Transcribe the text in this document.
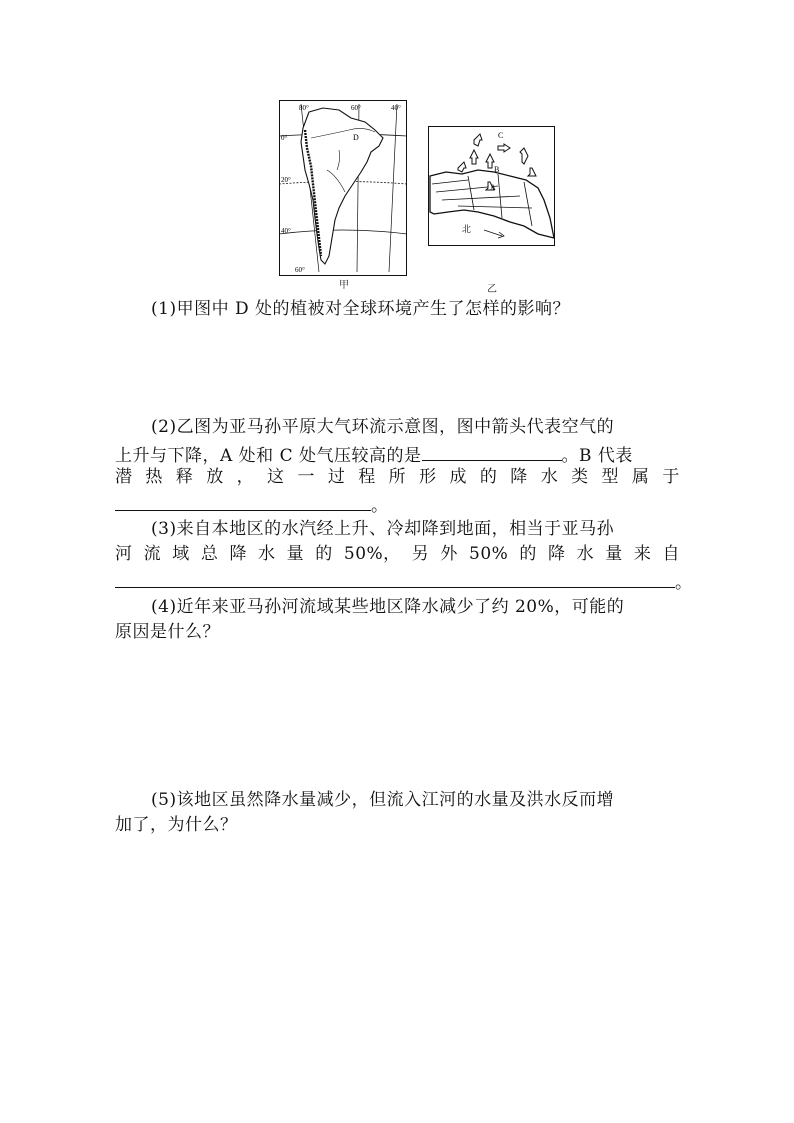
80°	60°	40°
0°
20°
40°
60°
D
甲
C
B
A
北
乙
(1)甲图中 D 处的植被对全球环境产生了怎样的影响？
(2)乙图为亚马孙平原大气环流示意图，图中箭头代表空气的
上升与下降，A 处和 C 处气压较高的是	。B 代表
潜 热 释 放 ， 这 一 过 程 所 形 成 的 降 水 类 型 属 于
。
(3)来自本地区的水汽经上升、冷却降到地面，相当于亚马孙
河 流 域 总 降 水 量 的 50%， 另 外 50% 的 降 水 量 来 自
。
(4)近年来亚马孙河流域某些地区降水减少了约 20%，可能的
原因是什么？
(5)该地区虽然降水量减少，但流入江河的水量及洪水反而增
加了，为什么？
